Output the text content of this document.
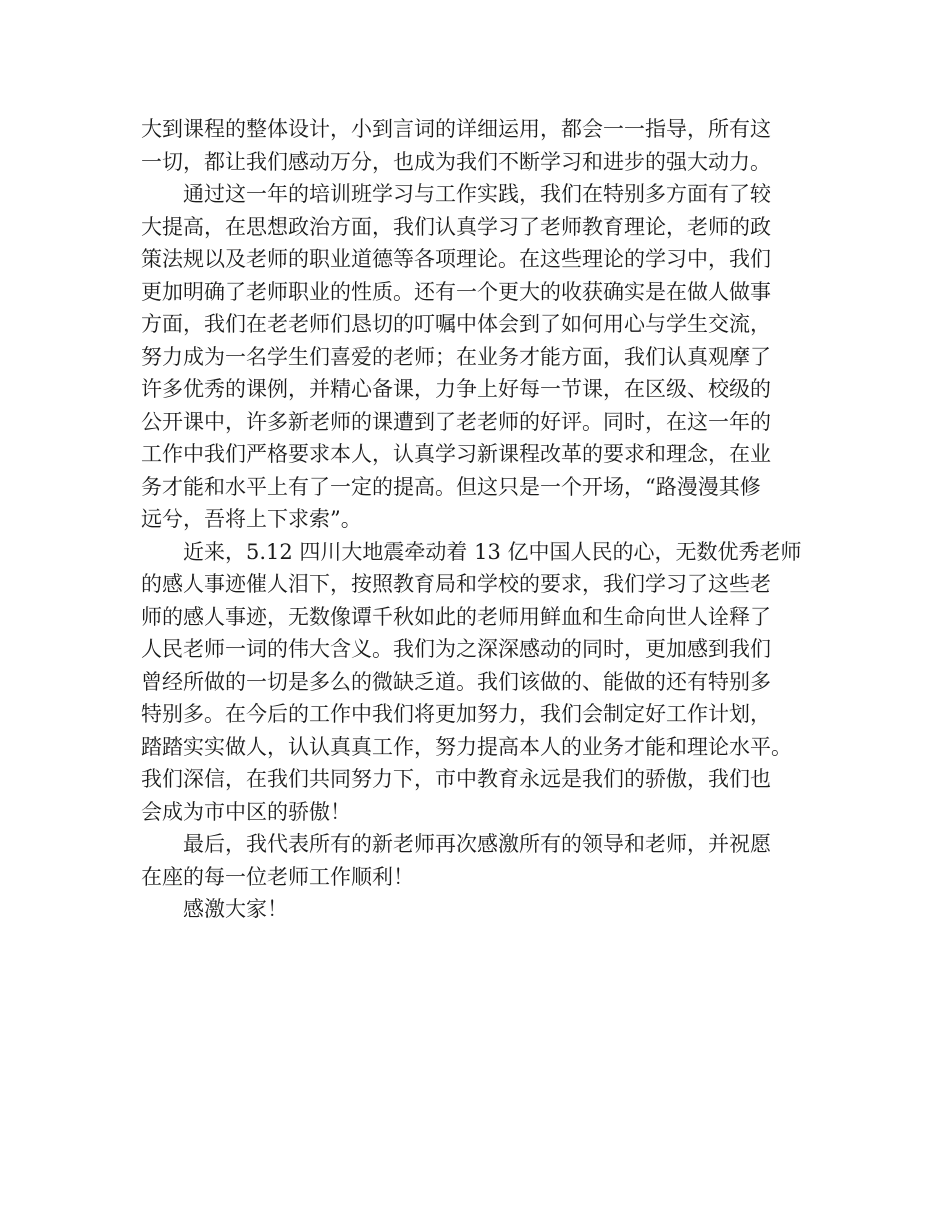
大到课程的整体设计，小到言词的详细运用，都会一一指导，所有这
一切，都让我们感动万分，也成为我们不断学习和进步的强大动力。
通过这一年的培训班学习与工作实践，我们在特别多方面有了较
大提高，在思想政治方面，我们认真学习了老师教育理论，老师的政
策法规以及老师的职业道德等各项理论。在这些理论的学习中，我们
更加明确了老师职业的性质。还有一个更大的收获确实是在做人做事
方面，我们在老老师们恳切的叮嘱中体会到了如何用心与学生交流，
努力成为一名学生们喜爱的老师；在业务才能方面，我们认真观摩了
许多优秀的课例，并精心备课，力争上好每一节课，在区级、校级的
公开课中，许多新老师的课遭到了老老师的好评。同时，在这一年的
工作中我们严格要求本人，认真学习新课程改革的要求和理念，在业
务才能和水平上有了一定的提高。但这只是一个开场，“路漫漫其修
远兮，吾将上下求索”。
近来，5.12 四川大地震牵动着 13 亿中国人民的心，无数优秀老师
的感人事迹催人泪下，按照教育局和学校的要求，我们学习了这些老
师的感人事迹，无数像谭千秋如此的老师用鲜血和生命向世人诠释了
人民老师一词的伟大含义。我们为之深深感动的同时，更加感到我们
曾经所做的一切是多么的微缺乏道。我们该做的、能做的还有特别多
特别多。在今后的工作中我们将更加努力，我们会制定好工作计划，
踏踏实实做人，认认真真工作，努力提高本人的业务才能和理论水平。
我们深信，在我们共同努力下，市中教育永远是我们的骄傲，我们也
会成为市中区的骄傲！
最后，我代表所有的新老师再次感激所有的领导和老师，并祝愿
在座的每一位老师工作顺利！
感激大家！
